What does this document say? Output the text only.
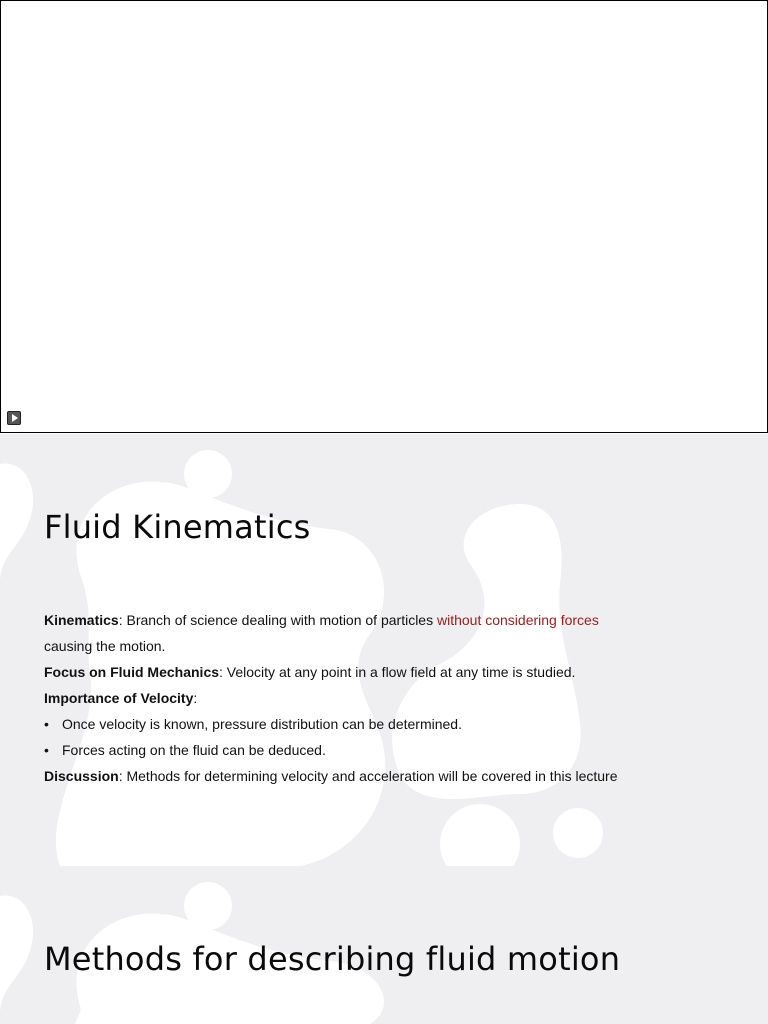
Fluid Kinematics

Kinematics: Branch of science dealing with motion of particles without considering forces

causing the motion.

Focus on Fluid Mechanics: Velocity at any point in a flow field at any time is studied.

Importance of Velocity:

• Once velocity is known, pressure distribution can be determined.

• Forces acting on the fluid can be deduced.

Discussion: Methods for determining velocity and acceleration will be covered in this lecture

Methods for describing fluid motion
